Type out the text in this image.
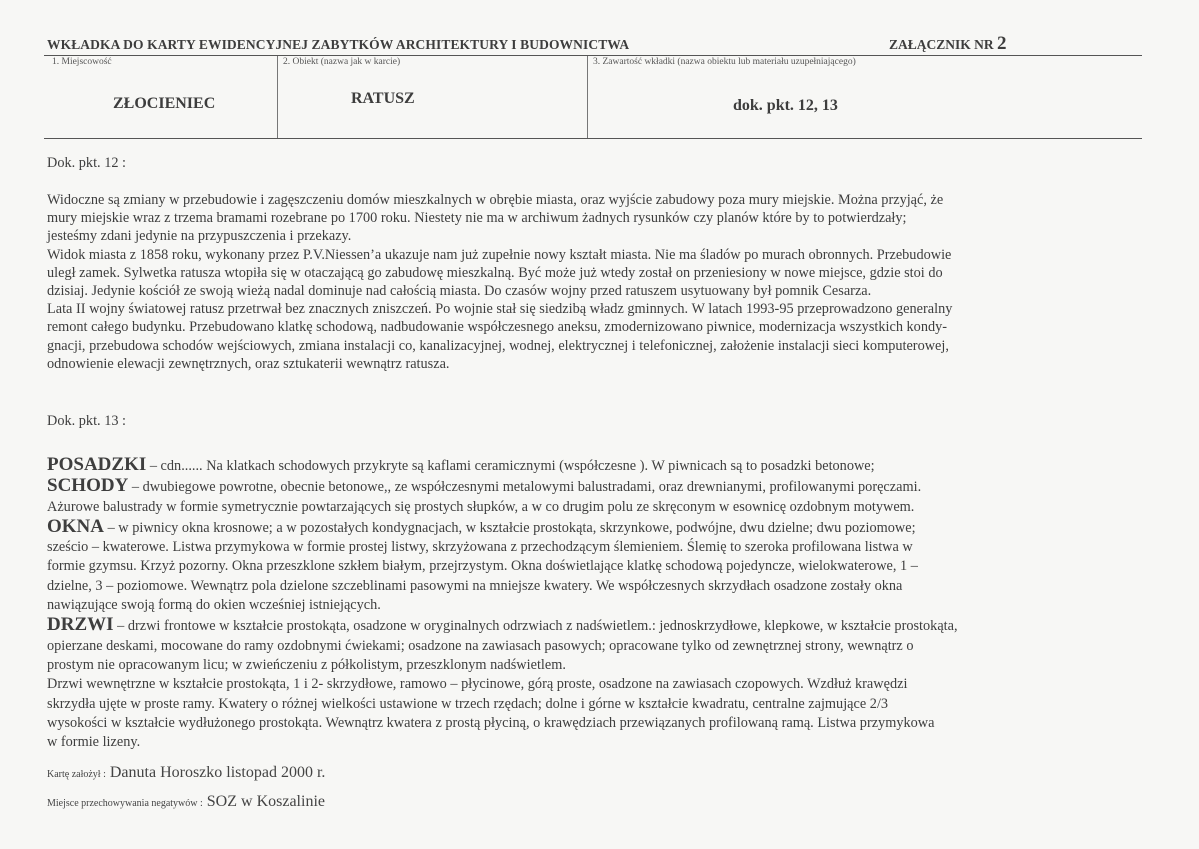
WKŁADKA DO KARTY EWIDENCYJNEJ ZABYTKÓW ARCHITEKTURY I BUDOWNICTWA	ZAŁĄCZNIK NR 2
1. Miejscowość
ZŁOCIENIEC
2. Obiekt (nazwa jak w karcie)
RATUSZ
3. Zawartość wkładki (nazwa obiektu lub materiału uzupełniającego)
dok. pkt. 12, 13
Dok. pkt. 12 :
Widoczne są zmiany w przebudowie i zagęszczeniu domów mieszkalnych w obrębie miasta, oraz wyjście zabudowy poza mury miejskie. Można przyjąć, że
mury miejskie wraz z trzema bramami rozebrane po 1700 roku. Niestety nie ma w archiwum żadnych rysunków czy planów które by to potwierdzały;
jesteśmy zdani jedynie na przypuszczenia i przekazy.
Widok miasta z 1858 roku, wykonany przez P.V.Niessen’a ukazuje nam już zupełnie nowy kształt miasta. Nie ma śladów po murach obronnych. Przebudowie
uległ zamek. Sylwetka ratusza wtopiła się w otaczającą go zabudowę mieszkalną. Być może już wtedy został on przeniesiony w nowe miejsce, gdzie stoi do
dzisiaj. Jedynie kościół ze swoją wieżą nadal dominuje nad całością miasta. Do czasów wojny przed ratuszem usytuowany był pomnik Cesarza.
Lata II wojny światowej ratusz przetrwał bez znacznych zniszczeń. Po wojnie stał się siedzibą władz gminnych. W latach 1993-95 przeprowadzono generalny
remont całego budynku. Przebudowano klatkę schodową, nadbudowanie współczesnego aneksu, zmodernizowano piwnice, modernizacja wszystkich kondy-
gnacji, przebudowa schodów wejściowych, zmiana instalacji co, kanalizacyjnej, wodnej, elektrycznej i telefonicznej, założenie instalacji sieci komputerowej,
odnowienie elewacji zewnętrznych, oraz sztukaterii wewnątrz ratusza.
Dok. pkt. 13 :
POSADZKI – cdn...... Na klatkach schodowych przykryte są kaflami ceramicznymi (współczesne ). W piwnicach są to posadzki betonowe;
SCHODY – dwubiegowe powrotne, obecnie betonowe,, ze współczesnymi metalowymi balustradami, oraz drewnianymi, profilowanymi poręczami.
Ażurowe balustrady w formie symetrycznie powtarzających się prostych słupków, a w co drugim polu ze skręconym w esownicę ozdobnym motywem.
OKNA – w piwnicy okna krosnowe; a w pozostałych kondygnacjach, w kształcie prostokąta, skrzynkowe, podwójne, dwu dzielne; dwu poziomowe;
sześcio – kwaterowe. Listwa przymykowa w formie prostej listwy, skrzyżowana z przechodzącym ślemieniem. Ślemię to szeroka profilowana listwa w
formie gzymsu. Krzyż pozorny. Okna przeszklone szkłem białym, przejrzystym. Okna doświetlające klatkę schodową pojedyncze, wielokwaterowe, 1 –
dzielne, 3 – poziomowe. Wewnątrz pola dzielone szczeblinami pasowymi na mniejsze kwatery. We współczesnych skrzydłach osadzone zostały okna
nawiązujące swoją formą do okien wcześniej istniejących.
DRZWI – drzwi frontowe w kształcie prostokąta, osadzone w oryginalnych odrzwiach z nadświetlem.: jednoskrzydłowe, klepkowe, w kształcie prostokąta,
opierzane deskami, mocowane do ramy ozdobnymi ćwiekami; osadzone na zawiasach pasowych; opracowane tylko od zewnętrznej strony, wewnątrz o
prostym nie opracowanym licu; w zwieńczeniu z półkolistym, przeszklonym nadświetlem.
Drzwi wewnętrzne w kształcie prostokąta, 1 i 2- skrzydłowe, ramowo – płycinowe, górą proste, osadzone na zawiasach czopowych. Wzdłuż krawędzi
skrzydła ujęte w proste ramy. Kwatery o różnej wielkości ustawione w trzech rzędach; dolne i górne w kształcie kwadratu, centralne zajmujące 2/3
wysokości w kształcie wydłużonego prostokąta. Wewnątrz kwatera z prostą płyciną, o krawędziach przewiązanych profilowaną ramą. Listwa przymykowa
w formie lizeny.
Kartę założył : Danuta Horoszko listopad 2000 r.
Miejsce przechowywania negatywów : SOZ w Koszalinie
